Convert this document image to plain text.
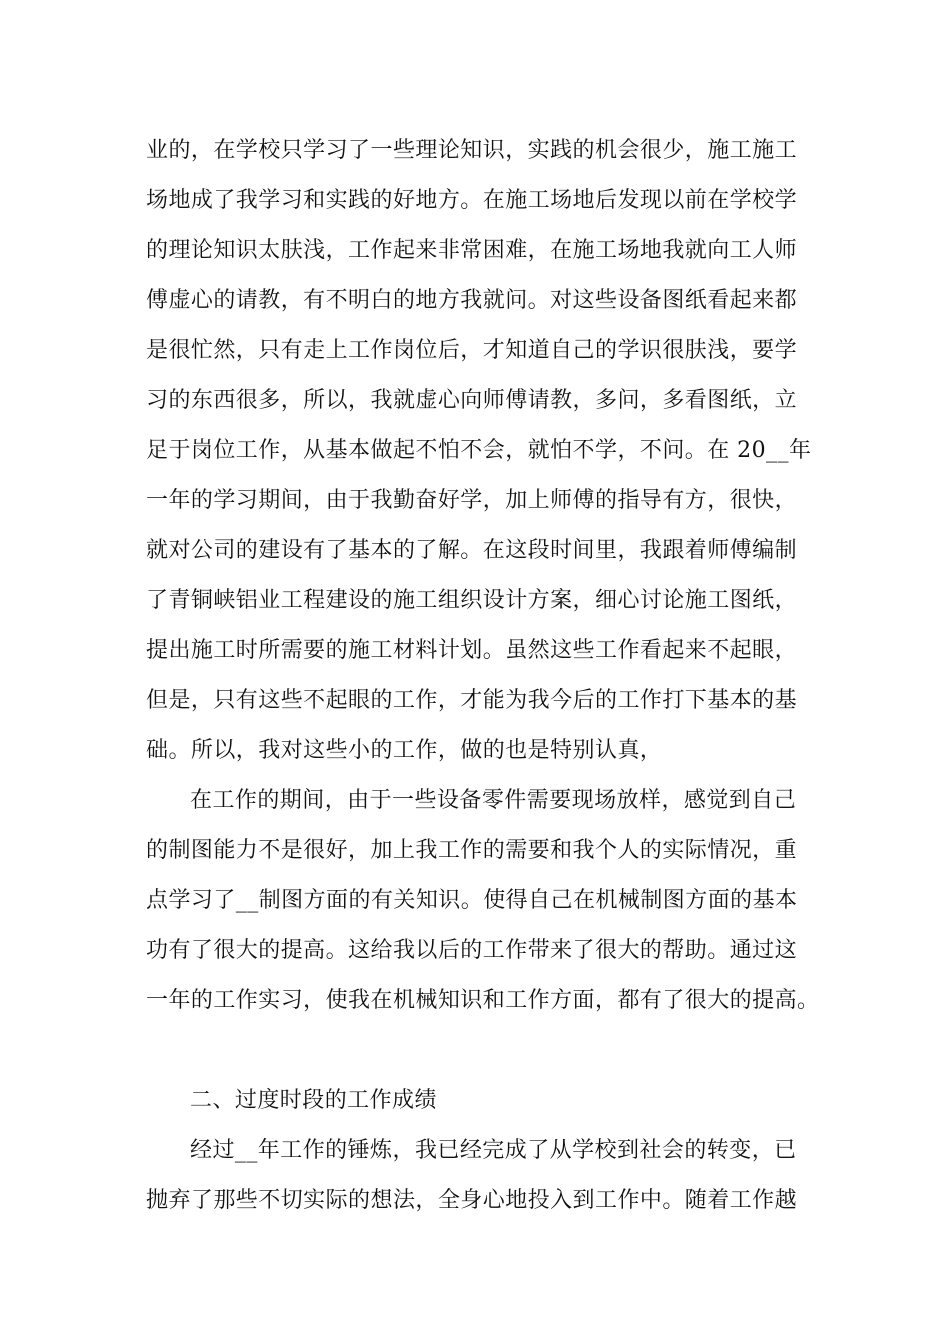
业的，在学校只学习了一些理论知识，实践的机会很少，施工施工
场地成了我学习和实践的好地方。在施工场地后发现以前在学校学
的理论知识太肤浅，工作起来非常困难，在施工场地我就向工人师
傅虚心的请教，有不明白的地方我就问。对这些设备图纸看起来都
是很忙然，只有走上工作岗位后，才知道自己的学识很肤浅，要学
习的东西很多，所以，我就虚心向师傅请教，多问，多看图纸，立
足于岗位工作，从基本做起不怕不会，就怕不学，不问。在 20__年
一年的学习期间，由于我勤奋好学，加上师傅的指导有方，很快，
就对公司的建设有了基本的了解。在这段时间里，我跟着师傅编制
了青铜峡铝业工程建设的施工组织设计方案，细心讨论施工图纸，
提出施工时所需要的施工材料计划。虽然这些工作看起来不起眼，
但是，只有这些不起眼的工作，才能为我今后的工作打下基本的基
础。所以，我对这些小的工作，做的也是特别认真，
在工作的期间，由于一些设备零件需要现场放样，感觉到自己
的制图能力不是很好，加上我工作的需要和我个人的实际情况，重
点学习了__制图方面的有关知识。使得自己在机械制图方面的基本
功有了很大的提高。这给我以后的工作带来了很大的帮助。通过这
一年的工作实习，使我在机械知识和工作方面，都有了很大的提高。
二、过度时段的工作成绩
经过__年工作的锤炼，我已经完成了从学校到社会的转变，已
抛弃了那些不切实际的想法，全身心地投入到工作中。随着工作越
